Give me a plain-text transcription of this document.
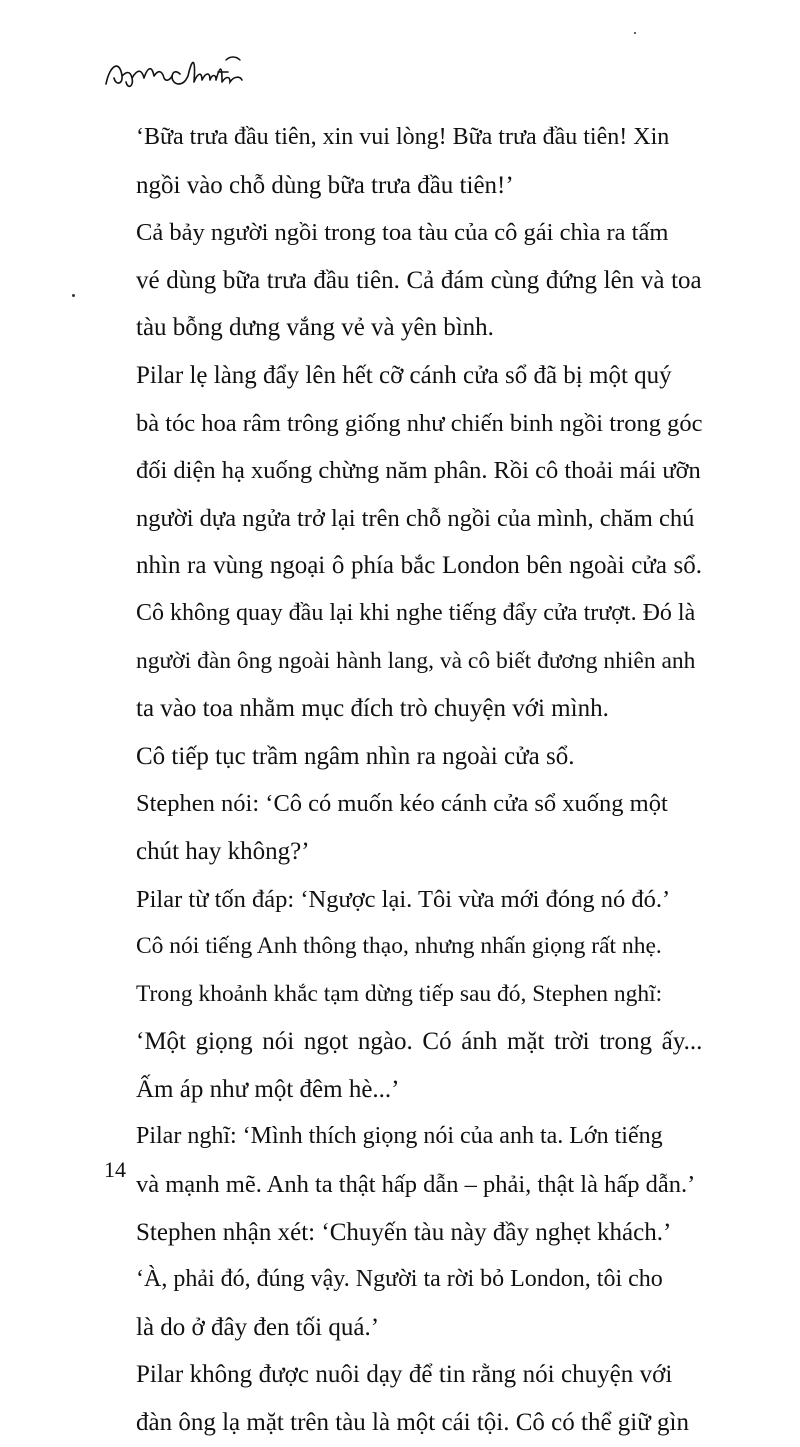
‘Bữa trưa đầu tiên, xin vui lòng! Bữa trưa đầu tiên! Xin
ngồi vào chỗ dùng bữa trưa đầu tiên!’

Cả bảy người ngồi trong toa tàu của cô gái chìa ra tấm
vé dùng bữa trưa đầu tiên. Cả đám cùng đứng lên và toa
tàu bỗng dưng vắng vẻ và yên bình.

Pilar lẹ làng đẩy lên hết cỡ cánh cửa sổ đã bị một quý
bà tóc hoa râm trông giống như chiến binh ngồi trong góc
đối diện hạ xuống chừng năm phân. Rồi cô thoải mái ưỡn
người dựa ngửa trở lại trên chỗ ngồi của mình, chăm chú
nhìn ra vùng ngoại ô phía bắc London bên ngoài cửa sổ.
Cô không quay đầu lại khi nghe tiếng đẩy cửa trượt. Đó là
người đàn ông ngoài hành lang, và cô biết đương nhiên anh
ta vào toa nhằm mục đích trò chuyện với mình.

Cô tiếp tục trầm ngâm nhìn ra ngoài cửa sổ.

Stephen nói: ‘Cô có muốn kéo cánh cửa sổ xuống một
chút hay không?’

Pilar từ tốn đáp: ‘Ngược lại. Tôi vừa mới đóng nó đó.’

Cô nói tiếng Anh thông thạo, nhưng nhấn giọng rất nhẹ.

Trong khoảnh khắc tạm dừng tiếp sau đó, Stephen nghĩ:
‘Một giọng nói ngọt ngào. Có ánh mặt trời trong ấy...
Ấm áp như một đêm hè...’

Pilar nghĩ: ‘Mình thích giọng nói của anh ta. Lớn tiếng
và mạnh mẽ. Anh ta thật hấp dẫn – phải, thật là hấp dẫn.’

Stephen nhận xét: ‘Chuyến tàu này đầy nghẹt khách.’

‘À, phải đó, đúng vậy. Người ta rời bỏ London, tôi cho
là do ở đây đen tối quá.’

Pilar không được nuôi dạy để tin rằng nói chuyện với
đàn ông lạ mặt trên tàu là một cái tội. Cô có thể giữ gìn

14
